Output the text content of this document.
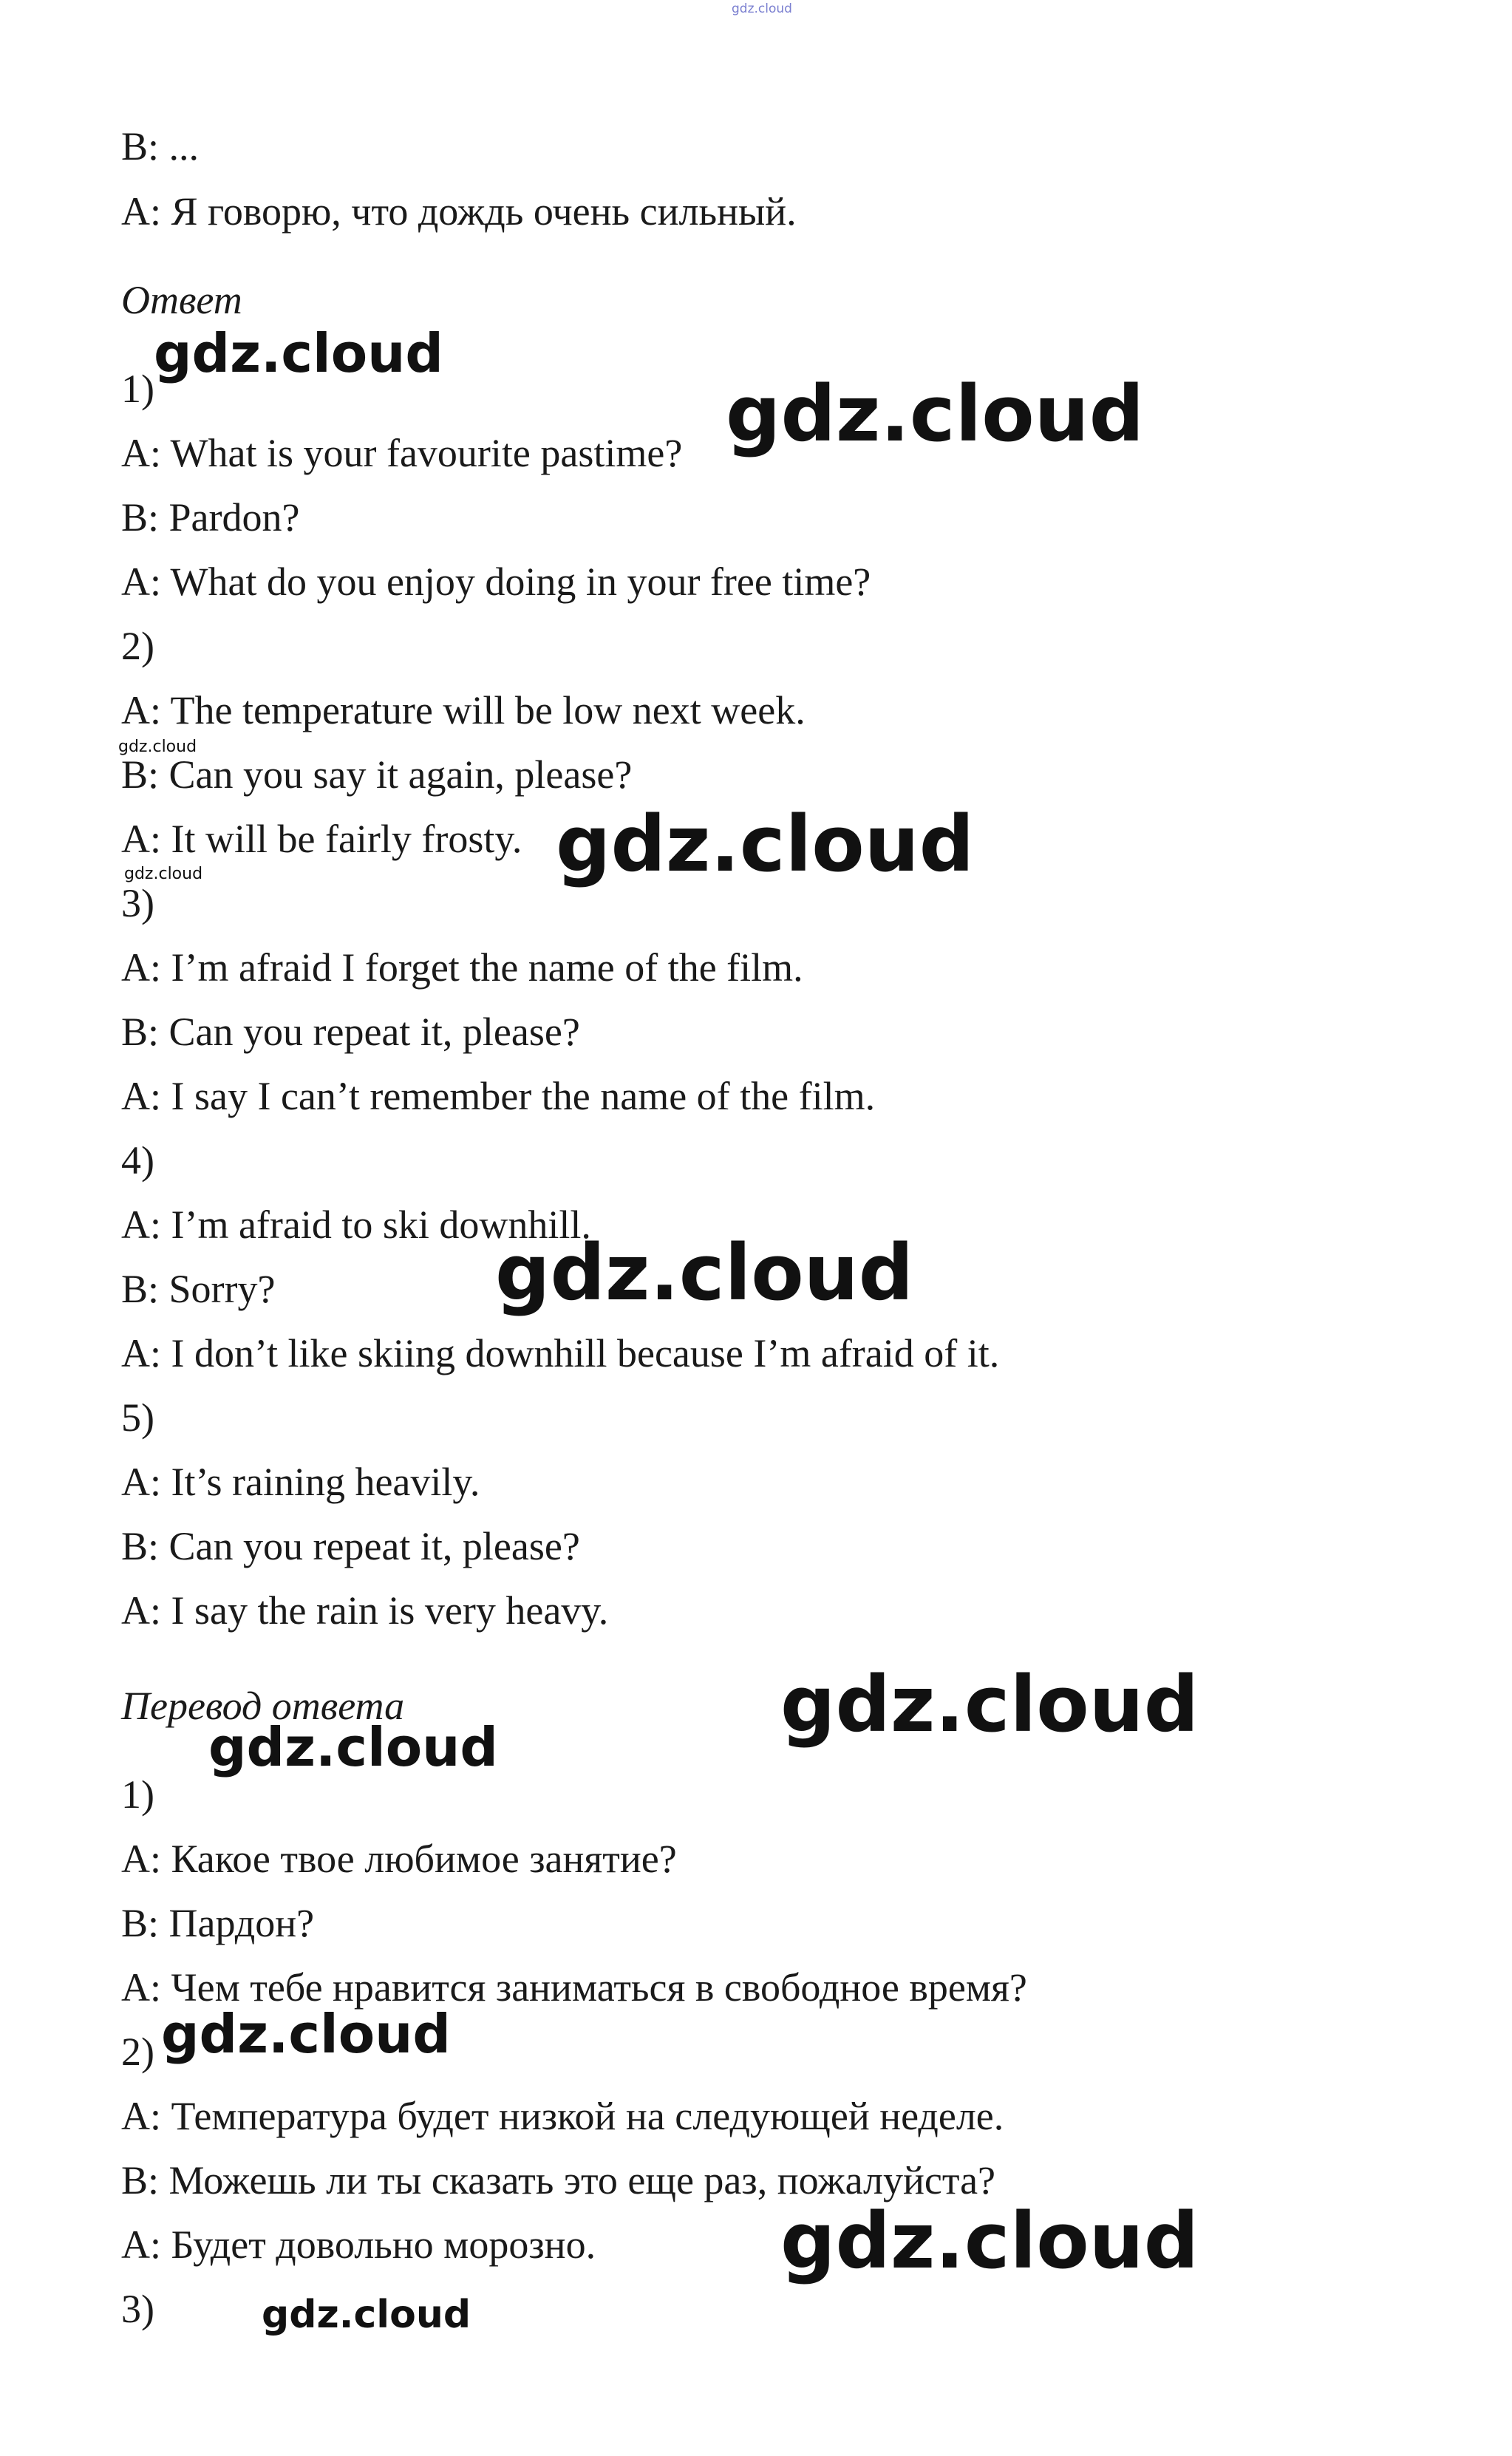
gdz.cloud
B: ...
A: Я говорю, что дождь очень сильный.
Ответ
1)
A: What is your favourite pastime?
B: Pardon?
A: What do you enjoy doing in your free time?
2)
A: The temperature will be low next week.
B: Can you say it again, please?
A: It will be fairly frosty.
3)
A: I’m afraid I forget the name of the film.
B: Can you repeat it, please?
A: I say I can’t remember the name of the film.
4)
A: I’m afraid to ski downhill.
B: Sorry?
A: I don’t like skiing downhill because I’m afraid of it.
5)
A: It’s raining heavily.
B: Can you repeat it, please?
A: I say the rain is very heavy.
Перевод ответа
1)
A: Какое твое любимое занятие?
B: Пардон?
A: Чем тебе нравится заниматься в свободное время?
2)
A: Температура будет низкой на следующей неделе.
B: Можешь ли ты сказать это еще раз, пожалуйста?
A: Будет довольно морозно.
3)
gdz.cloud
gdz.cloud
gdz.cloud
gdz.cloud
gdz.cloud
gdz.cloud
gdz.cloud
gdz.cloud
gdz.cloud
gdz.cloud
gdz.cloud
